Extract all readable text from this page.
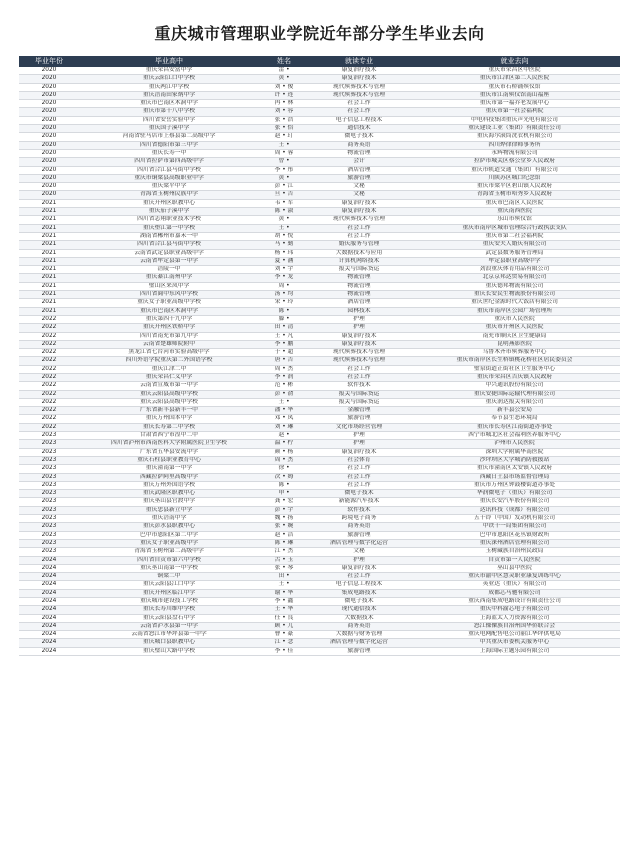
重庆城市管理职业学院近年部分学生毕业去向
毕业年份	毕业高中	姓名	就读专业	就业去向
2020	重庆荣昌安富中学	雷 •	康复治疗技术	重庆市荣昌区中医院
2020	重庆云阳江口中学校	黄 •	康复治疗技术	重庆市江津区第二人民医院
2020	重庆两江中学校	刘 • 俊	现代殡葬技术与管理	重庆市石桥铺殡仪馆
2020	重庆涪南田家炳中学	许 • 连	现代殡葬技术与管理	重庆市江南殡仪馆南山福座
2020	重庆市巴南区木洞中学	冉 • 林	社会工作	重庆市第一福乔老发展中心
2020	重庆市第十八中学校	刘 • 容	社会工作	重庆市第一社会福利院
2020	四川省安岳实验中学	张 • 浩	电子信息工程技术	中电科技集团重庆声光电有限公司
2020	重庆国子溪中学	张 • 恰	通信技术	重庆建设工业（集团）有限责任公司
2020	河南省驻马店市上蔡县第二高级中学	赵 • 玎	微电子技术	重庆海尔滚筒洗衣机有限公司
2020	四川省德阳市第三中学	王 •	商务英语	四川烨律律师事务所
2020	重庆长寿一中	周 • 蓉	物流管理	永辉物流有限公司
2020	四川省拉萨市第四高级中学	曾 •	会计	拉萨市城关区蔡公堂乡人民政府
2020	四川省合江县马街中学校	李 • 彤	酒店管理	重庆市轨道交通（集团）有限公司
2020	重庆市铜梁县高级职业中学	黄 •	旅游管理	川陕苏区城口纪念馆
2020	重庆梁平中学	彭 • 江	文秘	重庆市梁平区碧山镇人民政府
2020	青海省玉树州民族中学	旦 • 吉	文秘	青海省玉树市哈秀乡人民政府
2021	重庆开州区职教中心	韦 • 军	康复治疗技术	重庆市巴南区人民医院
2021	重庆茄子溪中学	陈 • 淑	康复治疗技术	重庆南西医院
2021	四川省志翔职业技术学校	黄 •	现代殡葬技术与管理	乐山市殡仪馆
2021	重庆垫江第一中学校	王 •	社会工作	重庆市南岸区城市管理综合行政执法支队
2021	湖南省郴州市嘉禾一中	胡 • 悦	社会工作	重庆市第二社会福利院
2021	四川省合江县马街中学校	马 • 勤	婚庆服务与管理	重庆安夫人婚庆有限公司
2021	云南省武定县职业高级中学	杨 • 玮	大数据技术与应用	武定县数务服务管理局
2021	云南省牟定县第一中学	夏 • 涵	计算机网络技术	牟定县职业高级中学
2021	涪陵一中	刘 • 宇	报关与国际货运	劲浪重庆体育用品有限公司
2021	重庆綦江南州中学	李 • 龙	物流管理	北京京邦达贸易有限公司
2021	璧山区来凤中学	周 •	物流管理	重庆德邦物流有限公司
2021	四川省阆中东风中学校	汤 • 均	物流管理	重庆长安民生物流股份有限公司
2021	重庆女子职业高级中学校	宋 • 玲	酒店管理	重庆世纪金源时代大饭店有限公司
2021	重庆市巴南区木洞中学	陈 •	园林技术	重庆市南岸区公园广场管理所
2022	重庆第四十九中学	滕 •	护理	重庆市人民医院
2022	重庆开州区铁桥中学	田 • 清	护理	重庆市开州区人民医院
2022	四川省南充市第九中学	王 • 凡	康复治疗技术	南充市顺庆区卫生健康局
2022	云南省楚雄师院附中	李 • 鹏	康复治疗技术	昆明燕影医院
2022	黑龙江省七台河市实验高级中学	于 • 超	现代殡葬技术与管理	乌鲁木齐市殡葬服务中心
2022	四川外语学院重庆第二外国语学校	唐 • 吉	现代殡葬技术与管理	重庆市南岸区长生桥镇桃花桥社区居民委员会
2022	重庆江津二中	周 • 杰	社会工作	璧泉街道正街社区卫生服务中心
2022	重庆荣昌仁义中学	李 • 润	社会工作	重庆市荣昌区吉庆镇人民政府
2022	云南省宣威市第一中学	范 • 彬	软件技术	中兴通讯股份有限公司
2022	重庆云阳县高级中学校	彭 • 俞	报关与国际货运	重庆安捷国际运输代理有限公司
2022	重庆云阳县高级中学校	王 •	报关与国际货运	重庆润达报关有限公司
2022	广东省新丰县新丰一中	潘 • 华	金融管理	新丰县公安局
2022	重庆万州国本中学	邓 • 凤	旅游管理	奉节县生态环境局
2022	重庆长寿第二中学校	刘 • 琳	文化市场经营管理	重庆市长寿区江南街道办事处
2023	甘肃省西宁市湟中二中	赵 •	护理	西宁市城北区社会福利医养服务中心
2023	四川省泸州市西南医科大学附属医院卫生学校	温 • 柠	护理	泸州市人民医院
2023	广东省五华县安流中学	颜 • 杨	康复治疗技术	深圳大学附属华南医院
2023	重庆石柱县职业教育中心	周 • 杰	社会体育	沙坪坝区大学城消防救援站
2023	重庆潼南第一中学	徐 •	社会工作	重庆市潼南区太安镇人民政府
2023	西藏拉萨阿里高级中学	次 • 姆	社会工作	西藏日土县市场监督管理局
2023	重庆万州外国语学校	陈 •	社会工作	重庆市万州区钟鼓楼街道办事处
2023	重庆武隆区职教中心	申 •	微电子技术	华润微电子（重庆）有限公司
2023	重庆巫山县官渡中学	龚 • 宏	新能源汽车技术	重庆长安汽车股份有限公司
2023	重庆忠县新立中学	彭 • 宇	软件技术	达讯科技（成都）有限公司
2023	重庆涪南中学	魏 • 扬	跨境电子商务	五十铃（中国）发动机有限公司
2023	重庆彭水县职教中心	张 • 婉	商务英语	中铁十一局集团有限公司
2023	巴中市恩阳区第二中学	赵 • 洁	旅游管理	巴中市恩阳区花丛镇财政所
2023	重庆女子职业高级中学	陈 • 琳	酒店管理与数字化运营	重庆涞州酒店管理有限公司
2023	青海省玉树州第二高级中学	江 • 杰	文秘	玉树藏族自治州民政局
2024	四川省自贡市第六中学校	古 • 玉	护理	自贡市第一人民医院
2024	重庆巫山南第一中学校	张 • 琴	康复治疗技术	巫山县中医院
2024	铜梁二中	田 •	社会工作	重庆市渝中区慧灵职业康复训练中心
2024	重庆云阳县江口中学	王 •	电子信息工程技术	英业达（重庆）有限公司
2024	重庆开州区临江中学	谢 • 华	集成电路技术	成都芯马驰有限公司
2024	重庆城市建设技工学校	李 • 鑫	微电子技术	重庆西南集成电路设计有限责任公司
2024	重庆长寿川维中学校	王 • 华	现代通信技术	重庆中科渝芯电子有限公司
2024	重庆云阳县盘石中学	任 • 良	大数据技术	上海蓝太人力资源有限公司
2024	云南省泸水县第一中学	顾 • 儿	商务英语	怒江傈僳族自治州国华侨联合会
2024	云南省怒江市华坪县第一中学	曹 • 豪	大数据与财务管理	重庆电网配售电公司丽江华坪供电局
2024	重庆城口县职教中心	江 • 念	酒店管理与数字化运营	中共重庆市委机关服务中心
2024	重庆璧山大路中学校	李 • 佳	旅游管理	上海国际主题乐园有限公司
